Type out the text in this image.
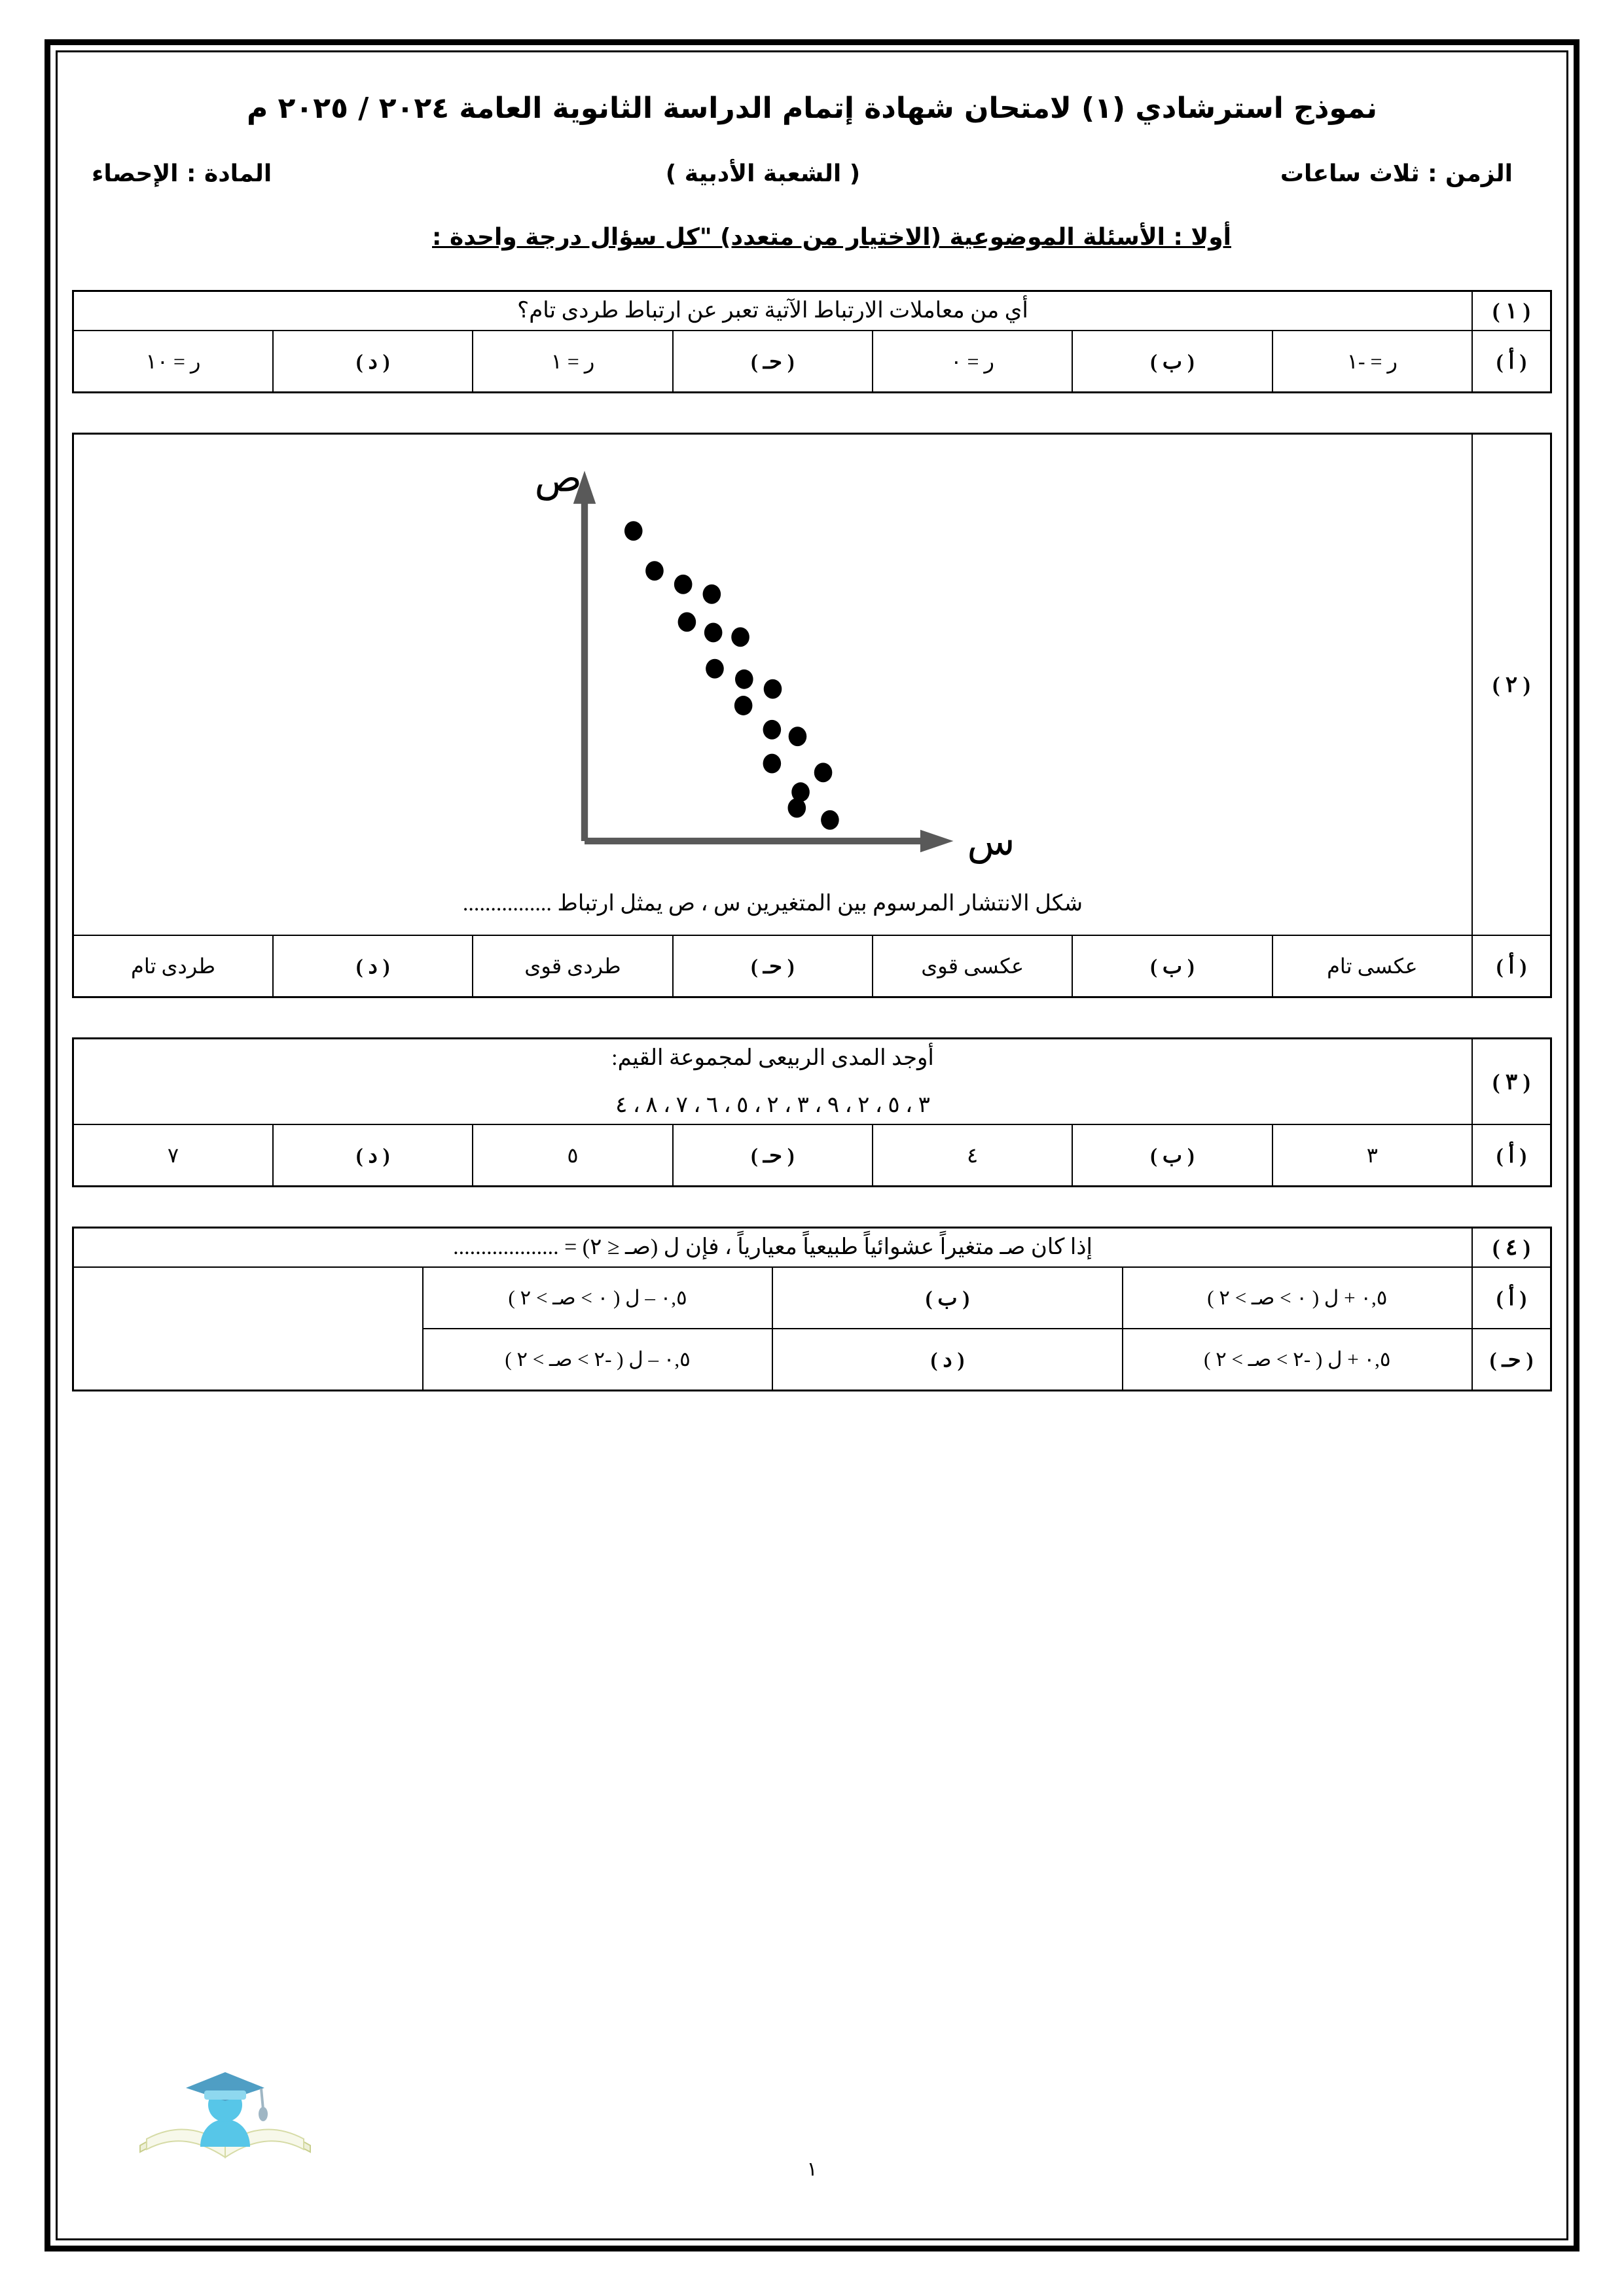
نموذج استرشادي (١) لامتحان شهادة إتمام الدراسة الثانوية العامة ٢٠٢٤ / ٢٠٢٥ م
المادة : الإحصاء	( الشعبة الأدبية )	الزمن : ثلاث ساعات
أولا : الأسئلة الموضوعية (الاختيار من متعدد) "كل سؤال درجة واحدة :
( ١ )	أي من معاملات الارتباط الآتية تعبر عن ارتباط طردى تام؟						
( أ )	ر = -١	( ب )	ر = ٠	( حـ )	ر = ١	( د )	ر = ١٠
( ٢ )	ص
س
شكل الانتشار المرسوم بين المتغيرين س ، ص يمثل ارتباط ................						

( أ )	عكسى تام	( ب )	عكسى قوى	( حـ )	طردى قوى	( د )	طردى تام
( ٣ )	أوجد المدى الربيعى لمجموعة القيم:
٣ ، ٥ ، ٢ ، ٩ ، ٣ ، ٢ ، ٥ ، ٦ ، ٧ ، ٨ ، ٤						

( أ )	٣	( ب )	٤	( حـ )	٥	( د )	٧
( ٤ )	إذا كان صـ متغيراً عشوائياً طبيعياً معيارياً ، فإن ل (صـ ≤ ٢) = ...................		
( أ )	٠,٥ + ل ( ٠ > صـ > ٢ )	( ب )	٠,٥ – ل ( ٠ > صـ > ٢ )
( حـ )	٠,٥ + ل ( -٢ > صـ > ٢ )	( د )	٠,٥ – ل ( -٢ > صـ > ٢ )
١
